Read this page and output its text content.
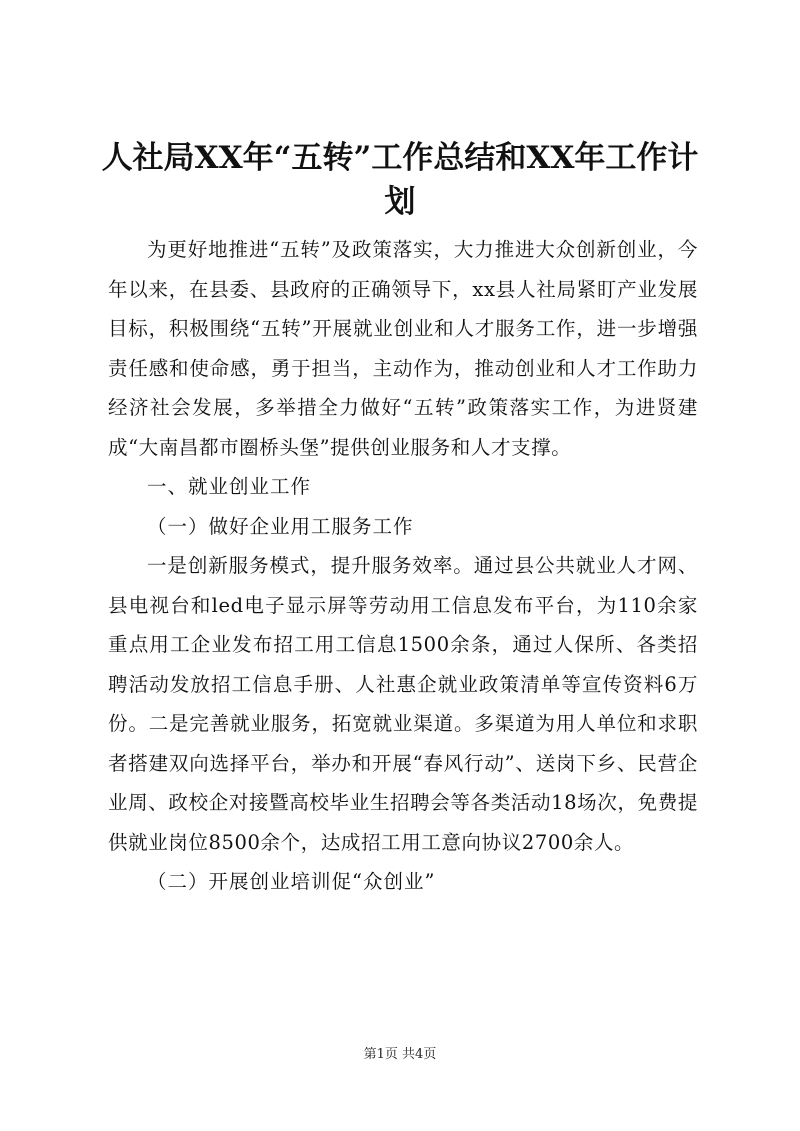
人社局XX年“五转”工作总结和XX年工作计划

为更好地推进“五转”及政策落实，大力推进大众创新创业，今年以来，在县委、县政府的正确领导下，xx县人社局紧盯产业发展目标，积极围绕“五转”开展就业创业和人才服务工作，进一步增强责任感和使命感，勇于担当，主动作为，推动创业和人才工作助力经济社会发展，多举措全力做好“五转”政策落实工作，为进贤建成“大南昌都市圈桥头堡”提供创业服务和人才支撑。

一、就业创业工作

（一）做好企业用工服务工作

一是创新服务模式，提升服务效率。通过县公共就业人才网、县电视台和led电子显示屏等劳动用工信息发布平台，为110余家重点用工企业发布招工用工信息1500余条，通过人保所、各类招聘活动发放招工信息手册、人社惠企就业政策清单等宣传资料6万份。二是完善就业服务，拓宽就业渠道。多渠道为用人单位和求职者搭建双向选择平台，举办和开展“春风行动”、送岗下乡、民营企业周、政校企对接暨高校毕业生招聘会等各类活动18场次，免费提供就业岗位8500余个，达成招工用工意向协议2700余人。

（二）开展创业培训促“众创业”

第1页 共4页
